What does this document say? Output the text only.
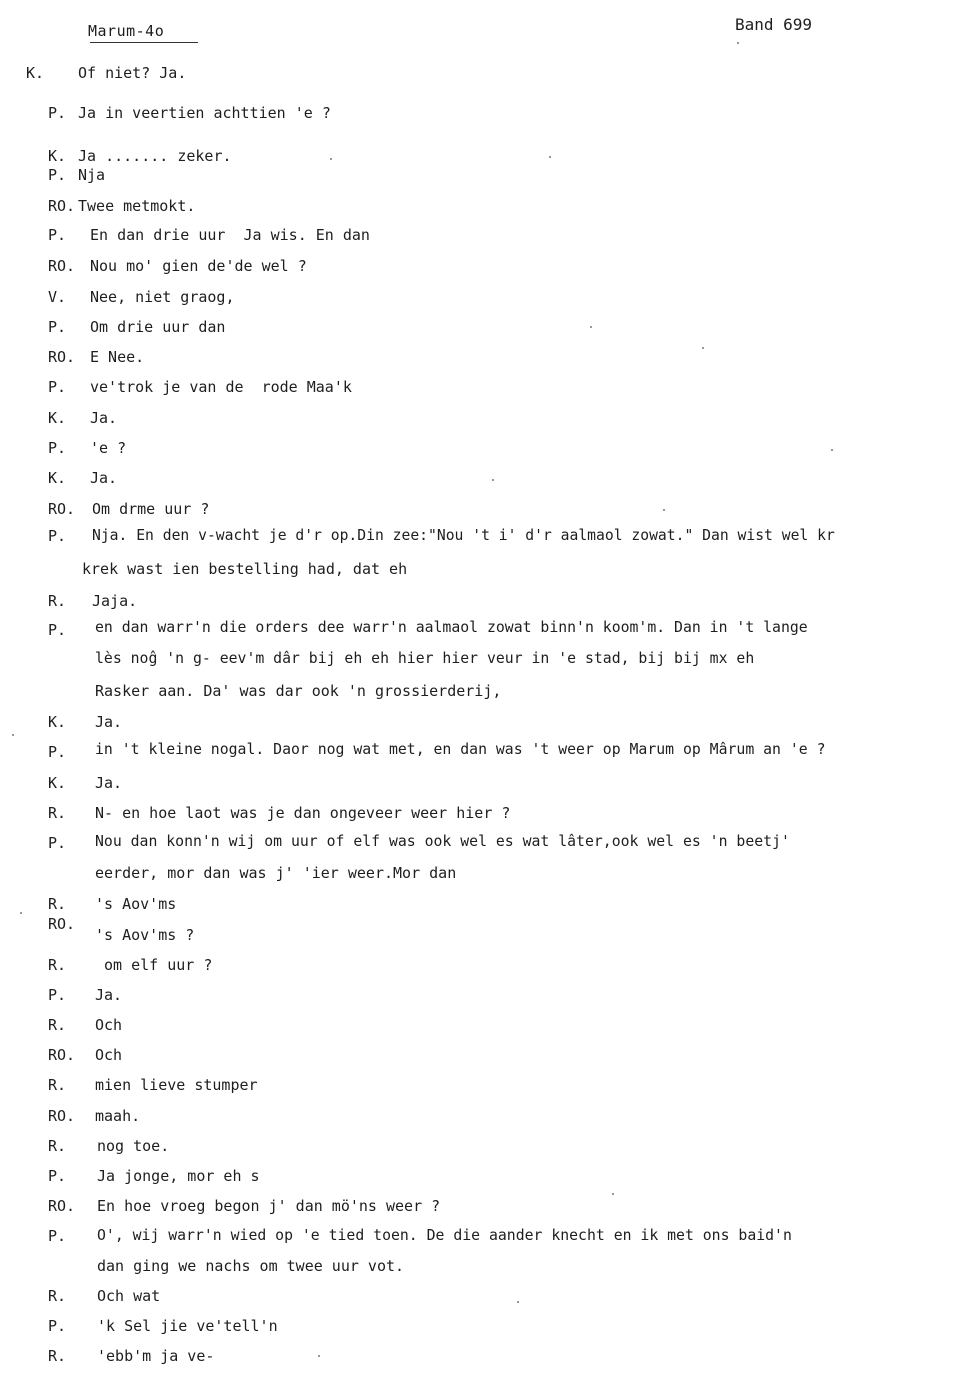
Marum-4o	Band 699
K. Of niet? Ja.
P. Ja in veertien achttien 'e ?
K. Ja ....... zeker.
P. Nja
RO. Twee metmokt.
P. En dan drie uur  Ja wis. En dan
RO. Nou mo' gien de'de wel ?
V. Nee, niet graog,
P. Om drie uur dan
RO. E Nee.
P. ve'trok je van de  rode Maa'k
K. Ja.
P. 'e ?
K. Ja.
RO. Om drme uur ?
P. Nja. En den v-wacht je d'r op.Din zee:"Nou 't i' d'r aalmaol zowat." Dan wist wel kr
krek wast ien bestelling had, dat eh
R. Jaja.
P. en dan warr'n die orders dee warr'n aalmaol zowat binn'n koom'm. Dan in 't lange
lès noĝ 'n g- eev'm dâr bij eh eh hier hier veur in 'e stad, bij bij mx eh
Rasker aan. Da' was dar ook 'n grossierderij,
K. Ja.
P. in 't kleine nogal. Daor nog wat met, en dan was 't weer op Marum op Mârum an 'e ?
K. Ja.
R. N- en hoe laot was je dan ongeveer weer hier ?
P. Nou dan konn'n wij om uur of elf was ook wel es wat lâter,ook wel es 'n beetj'
eerder, mor dan was j' 'ier weer.Mor dan
R. 's Aov'ms
RO.
's Aov'ms ?
R.	om elf uur ?
P. Ja.
R. Och
RO. Och
R. mien lieve stumper
RO. maah.
R. nog toe.
P. Ja jonge, mor eh s
RO. En hoe vroeg begon j' dan mö'ns weer ?
P. O', wij warr'n wied op 'e tied toen. De die aander knecht en ik met ons baid'n
dan ging we nachs om twee uur vot.
R. Och wat
P. 'k Sel jie ve'tell'n
R. 'ebb'm ja ve-
